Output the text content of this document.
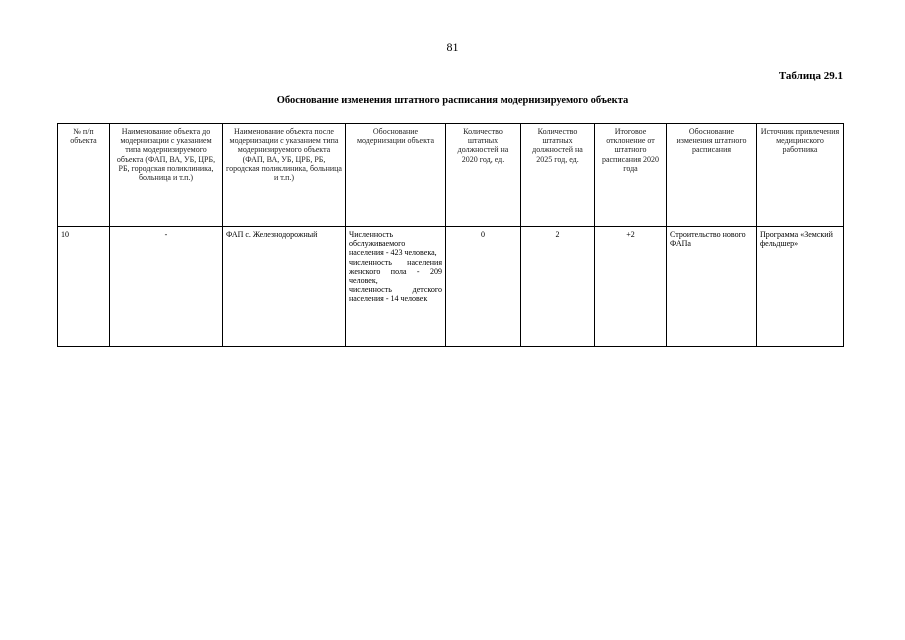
81
Таблица 29.1
Обоснование изменения штатного расписания модернизируемого объекта
№ п/п объекта	Наименование объекта до модернизации с указанием типа модернизируемого объекта (ФАП, ВА, УБ, ЦРБ, РБ, городская поликлиника, больница и т.п.)	Наименование объекта после модернизации с указанием типа модернизируемого объекта (ФАП, ВА, УБ, ЦРБ, РБ, городская поликлиника, больница и т.п.)	Обоснование модернизации объекта	Количество штатных должностей на 2020 год, ед.	Количество штатных должностей на 2025 год, ед.	Итоговое отклонение от штатного расписания 2020 года	Обоснование изменения штатного расписания	Источник привлечения медицинского работника
10	-	ФАП с. Железнодорожный	Численность обслуживаемого населения - 423 человека,
численность населения женского пола - 209 человек,
численность детского населения - 14 человек	0	2	+2	Строительство нового ФАПа	Программа «Земский фельдшер»
